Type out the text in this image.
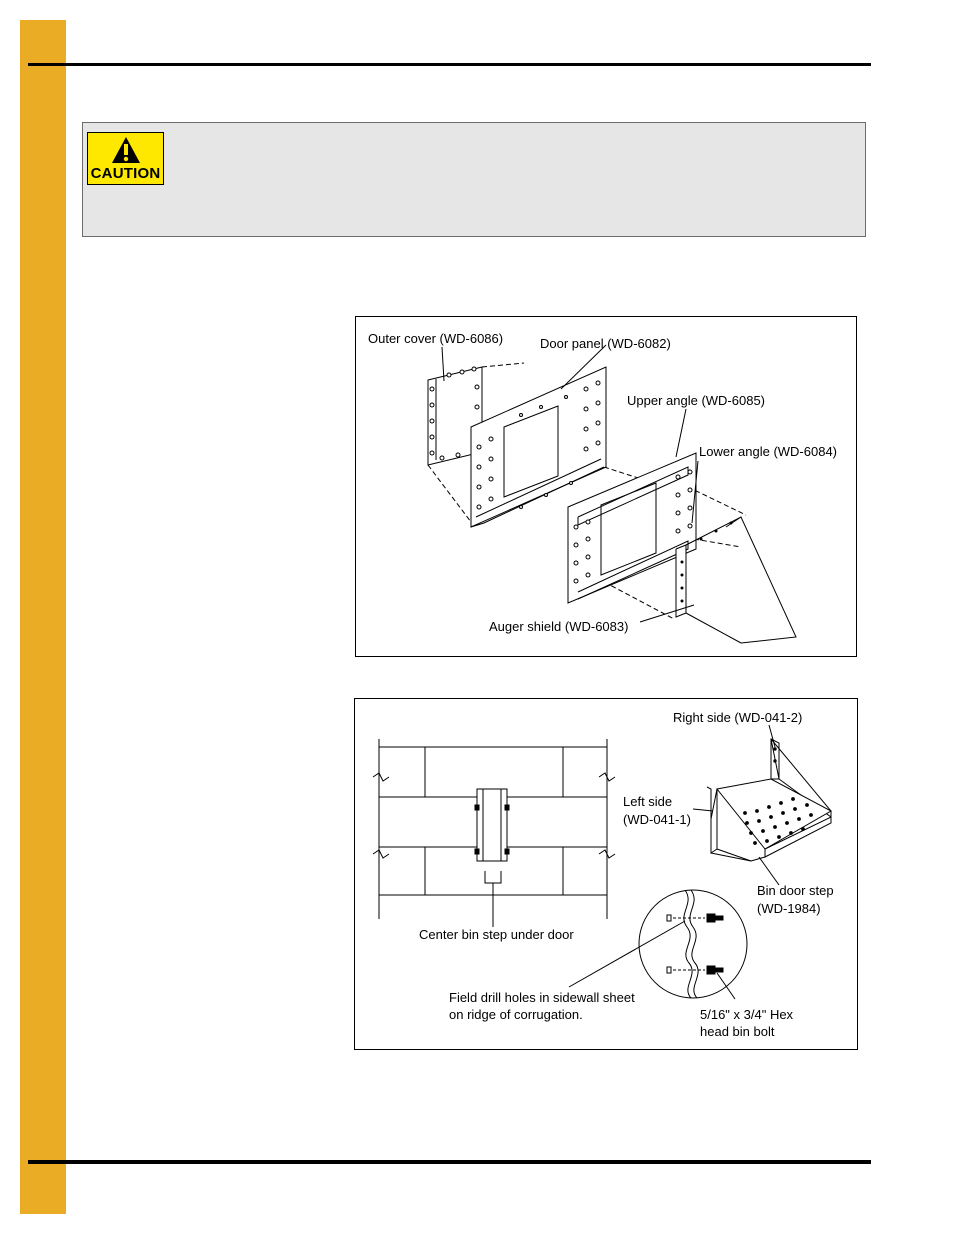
CAUTION
Outer cover (WD-6086)	Door panel (WD-6082)
Upper angle (WD-6085)
Lower angle (WD-6084)
Auger shield (WD-6083)
Right side (WD-041-2)
Left side
(WD-041-1)
Bin door step
(WD-1984)
Center bin step under door
Field drill holes in sidewall sheet
on ridge of corrugation.	5/16" x 3/4" Hex
head bin bolt
